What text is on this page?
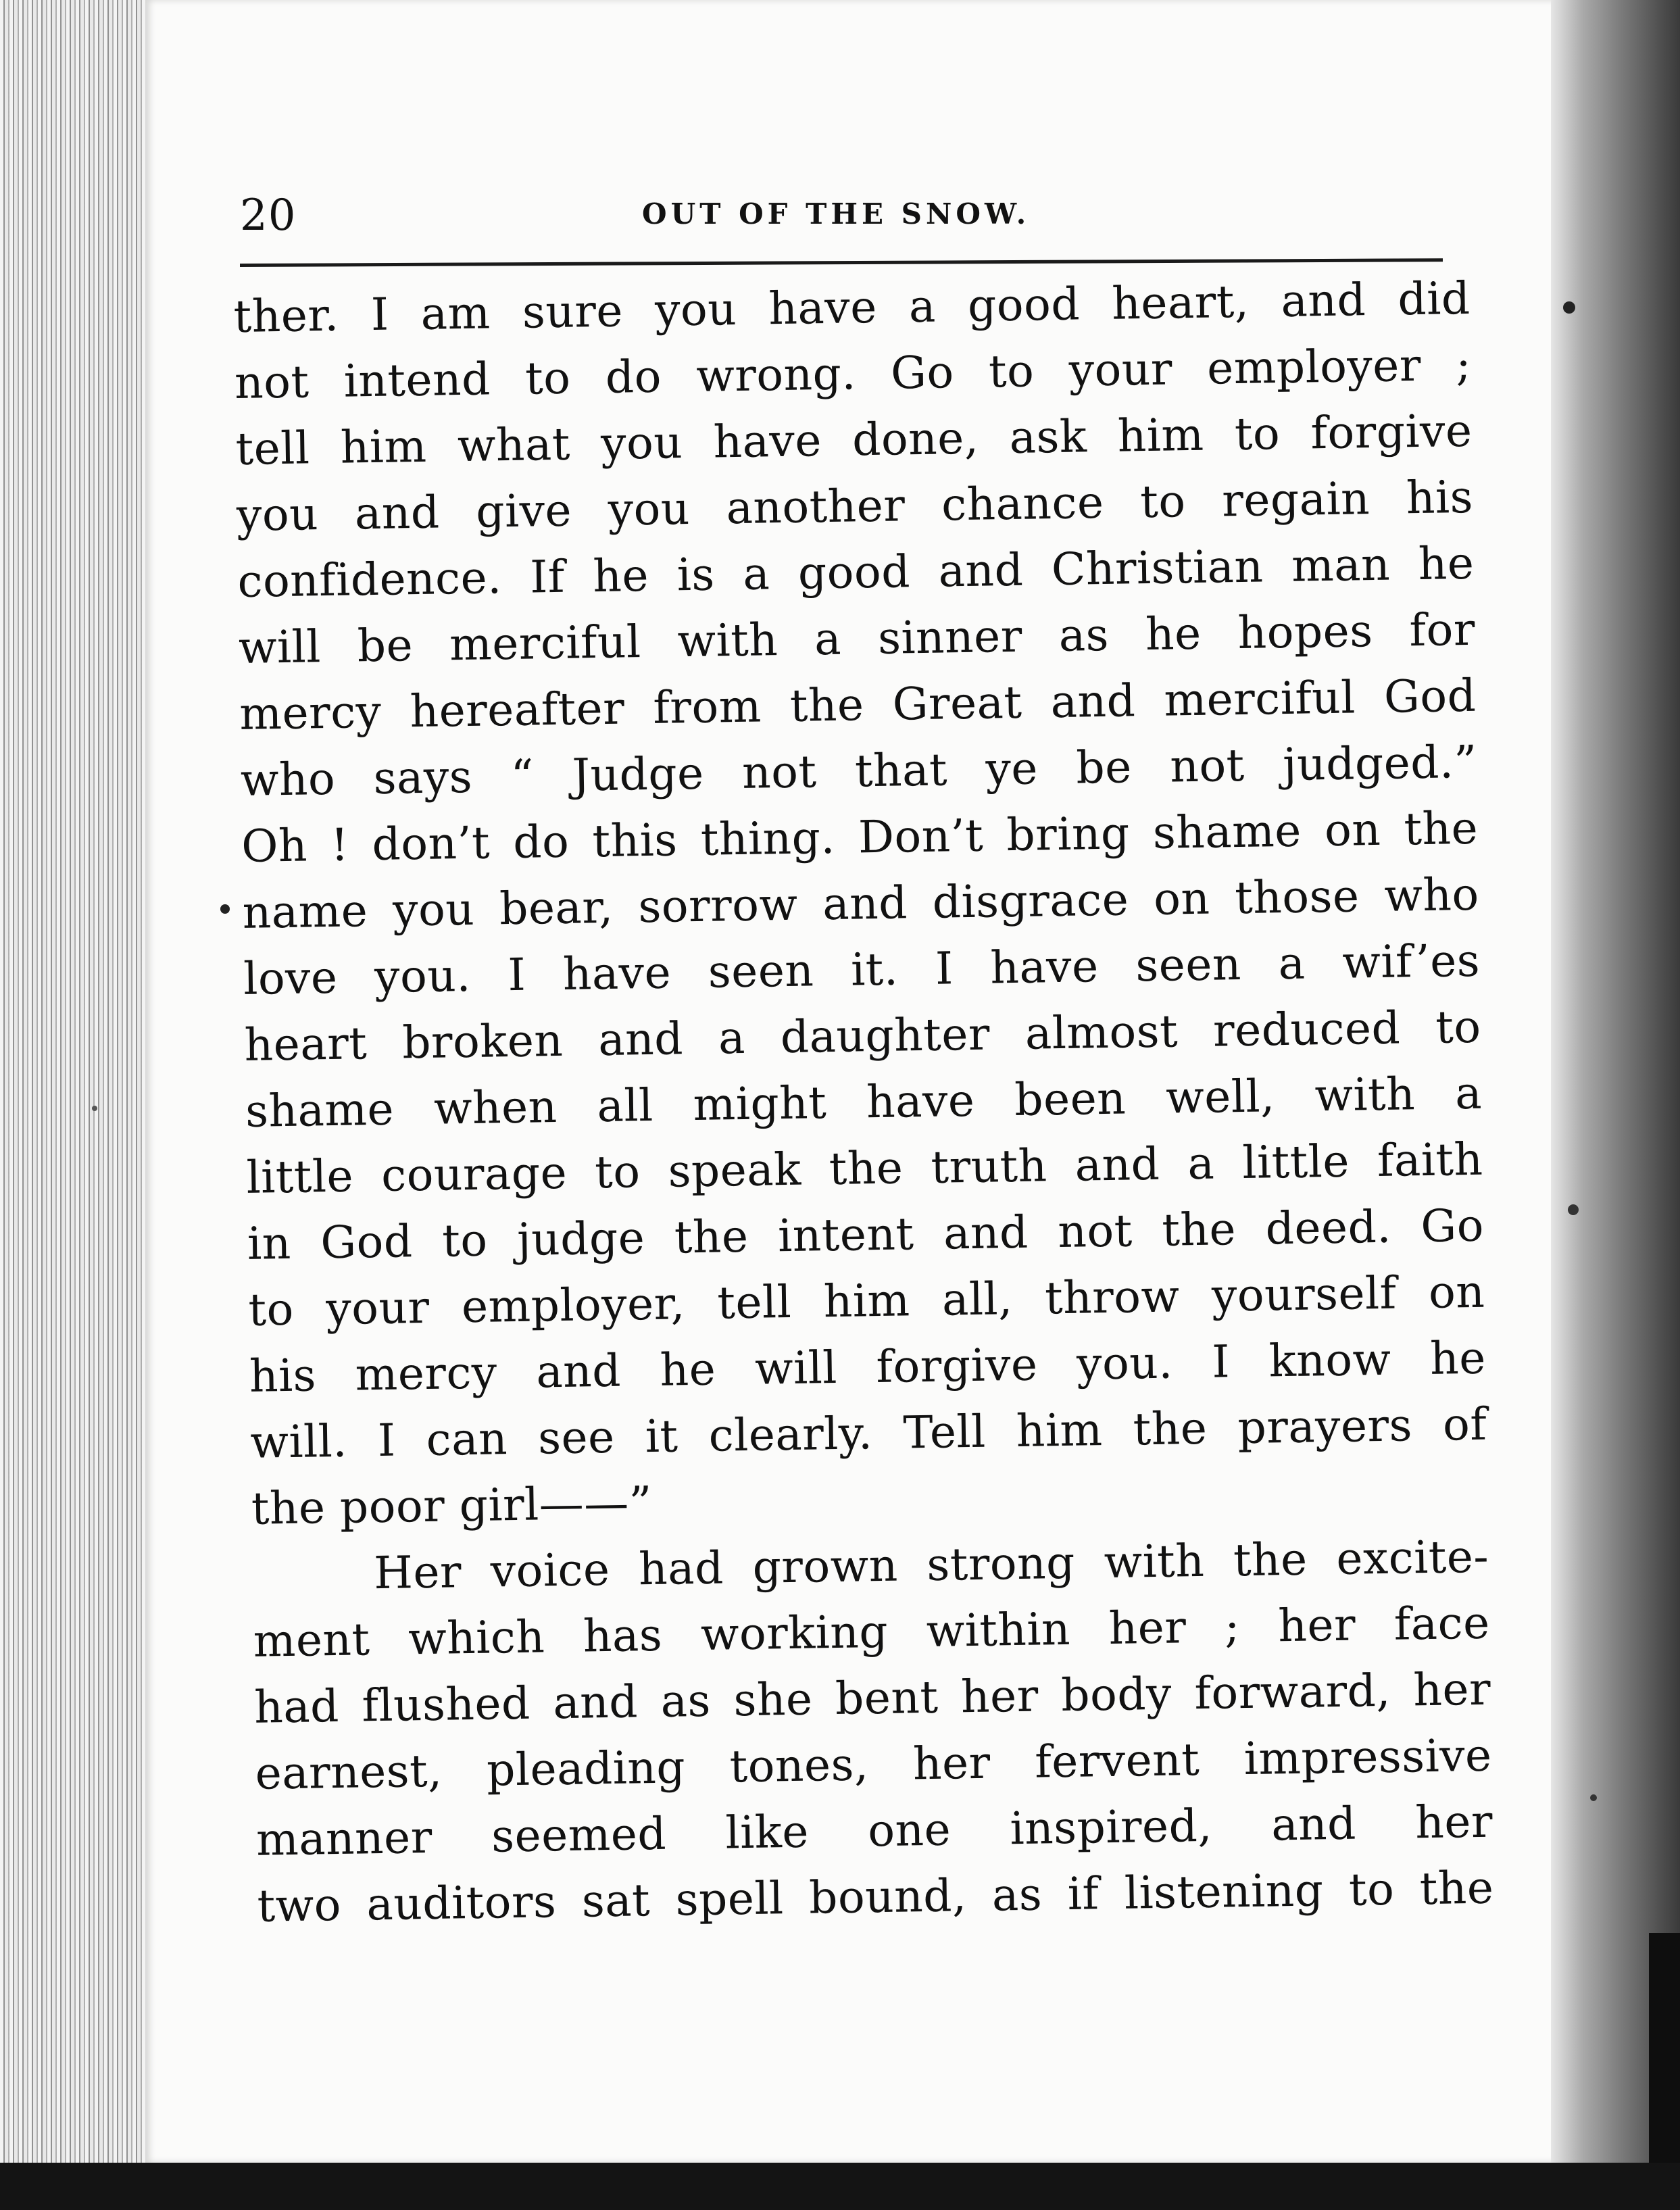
20	OUT OF THE SNOW.
ther. I am sure you have a good heart, and did
not intend to do wrong. Go to your employer ;
tell him what you have done, ask him to forgive
you and give you another chance to regain his
confidence. If he is a good and Christian man he
will be merciful with a sinner as he hopes for
mercy hereafter from the Great and merciful God
who says “ Judge not that ye be not judged.”
Oh ! don’t do this thing. Don’t bring shame on the
name you bear, sorrow and disgrace on those who
love you. I have seen it. I have seen a wif’es
heart broken and a daughter almost reduced to
shame when all might have been well, with a
little courage to speak the truth and a little faith
in God to judge the intent and not the deed. Go
to your employer, tell him all, throw yourself on
his mercy and he will forgive you. I know he
will. I can see it clearly. Tell him the prayers of
the poor girl——”
Her voice had grown strong with the excite-
ment which has working within her ; her face
had flushed and as she bent her body forward, her
earnest, pleading tones, her fervent impressive
manner seemed like one inspired, and her
two auditors sat spell bound, as if listening to the
